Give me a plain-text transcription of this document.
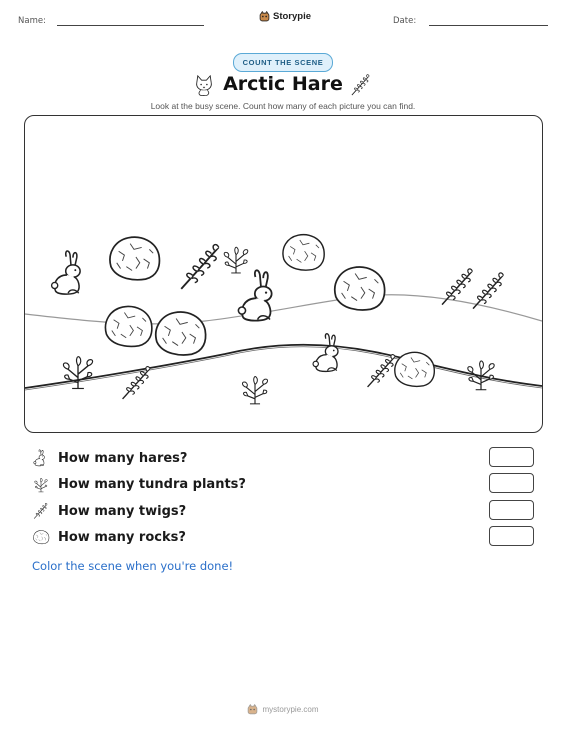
Name:	Storypie	Date:
COUNT THE SCENE
Arctic Hare
Look at the busy scene. Count how many of each picture you can find.
How many hares?
How many tundra plants?
How many twigs?
How many rocks?
Color the scene when you're done!
mystorypie.com
